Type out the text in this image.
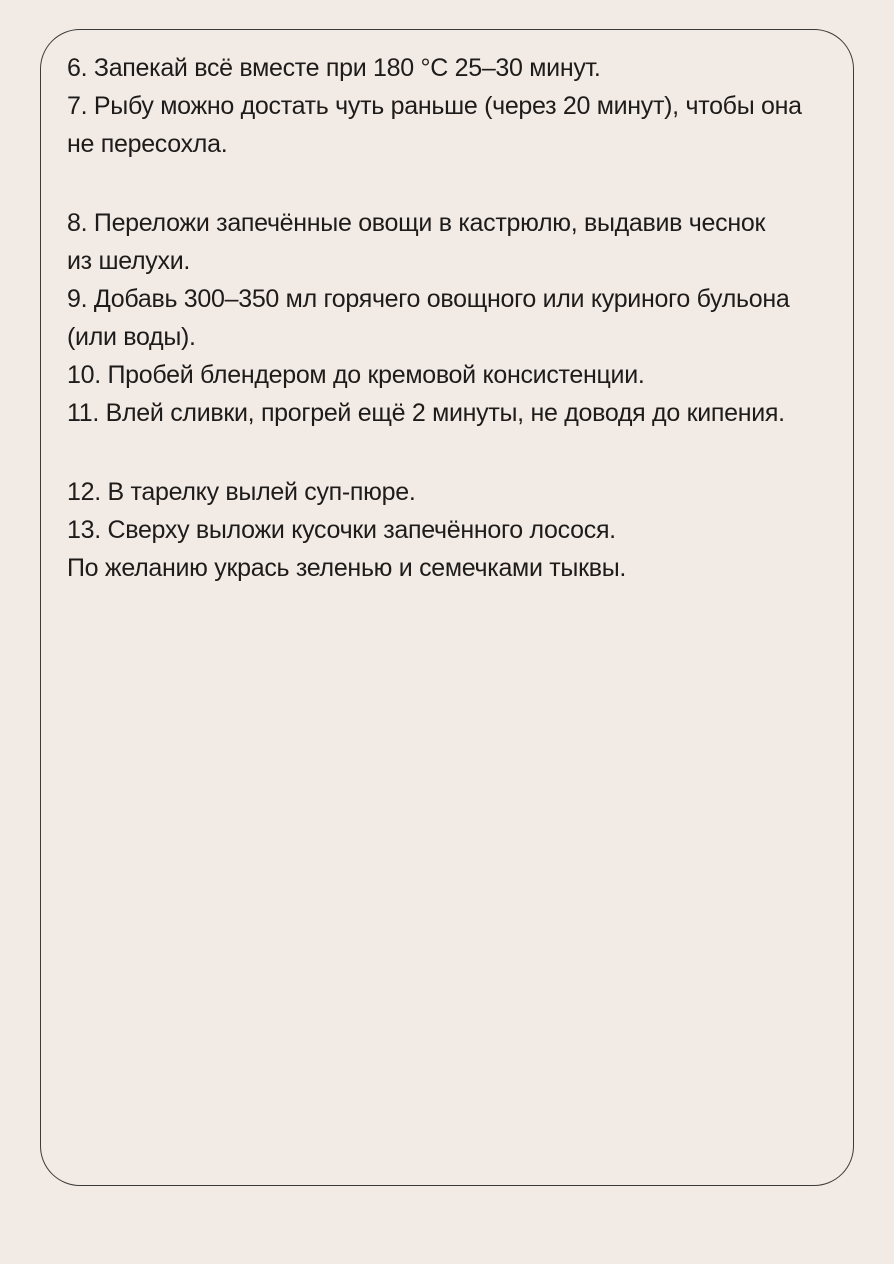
6. Запекай всё вместе при 180 °C 25–30 минут.
7. Рыбу можно достать чуть раньше (через 20 минут), чтобы она
не пересохла.
8. Переложи запечённые овощи в кастрюлю, выдавив чеснок
из шелухи.
9. Добавь 300–350 мл горячего овощного или куриного бульона
(или воды).
10. Пробей блендером до кремовой консистенции.
11. Влей сливки, прогрей ещё 2 минуты, не доводя до кипения.
12. В тарелку вылей суп-пюре.
13. Сверху выложи кусочки запечённого лосося.
По желанию укрась зеленью и семечками тыквы.
